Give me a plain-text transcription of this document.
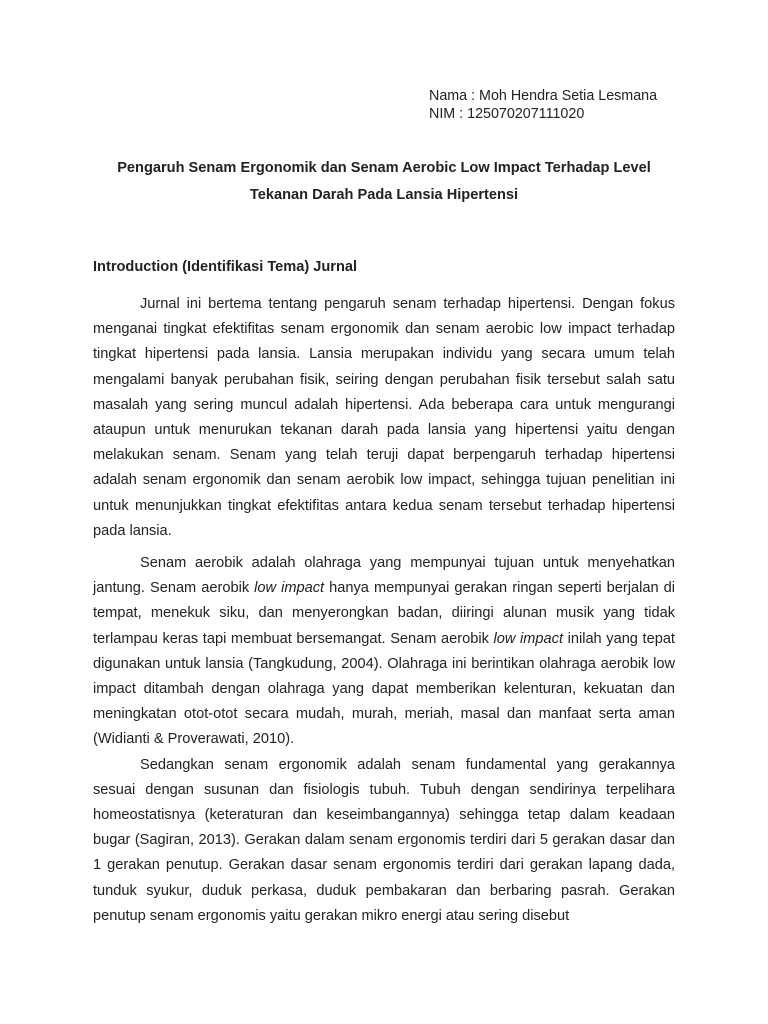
Nama : Moh Hendra Setia Lesmana
NIM : 125070207111020
Pengaruh Senam Ergonomik dan Senam Aerobic Low Impact Terhadap Level
Tekanan Darah Pada Lansia Hipertensi
Introduction (Identifikasi Tema) Jurnal

Jurnal ini bertema tentang pengaruh senam terhadap hipertensi. Dengan fokus menganai tingkat efektifitas senam ergonomik dan senam aerobic low impact terhadap tingkat hipertensi pada lansia. Lansia merupakan individu yang secara umum telah mengalami banyak perubahan fisik, seiring dengan perubahan fisik tersebut salah satu masalah yang sering muncul adalah hipertensi. Ada beberapa cara untuk mengurangi ataupun untuk menurukan tekanan darah pada lansia yang hipertensi yaitu dengan melakukan senam. Senam yang telah teruji dapat berpengaruh terhadap hipertensi adalah senam ergonomik dan senam aerobik low impact, sehingga tujuan penelitian ini untuk menunjukkan tingkat efektifitas antara kedua senam tersebut terhadap hipertensi pada lansia.

Senam aerobik adalah olahraga yang mempunyai tujuan untuk menyehatkan jantung. Senam aerobik low impact hanya mempunyai gerakan ringan seperti berjalan di tempat, menekuk siku, dan menyerongkan badan, diiringi alunan musik yang tidak terlampau keras tapi membuat bersemangat. Senam aerobik low impact inilah yang tepat digunakan untuk lansia (Tangkudung, 2004). Olahraga ini berintikan olahraga aerobik low impact ditambah dengan olahraga yang dapat memberikan kelenturan, kekuatan dan meningkatan otot-otot secara mudah, murah, meriah, masal dan manfaat serta aman (Widianti & Proverawati, 2010).

Sedangkan senam ergonomik adalah senam fundamental yang gerakannya sesuai dengan susunan dan fisiologis tubuh. Tubuh dengan sendirinya terpelihara homeostatisnya (keteraturan dan keseimbangannya) sehingga tetap dalam keadaan bugar (Sagiran, 2013). Gerakan dalam senam ergonomis terdiri dari 5 gerakan dasar dan 1 gerakan penutup. Gerakan dasar senam ergonomis terdiri dari gerakan lapang dada, tunduk syukur, duduk perkasa, duduk pembakaran dan berbaring pasrah. Gerakan penutup senam ergonomis yaitu gerakan mikro energi atau sering disebut
